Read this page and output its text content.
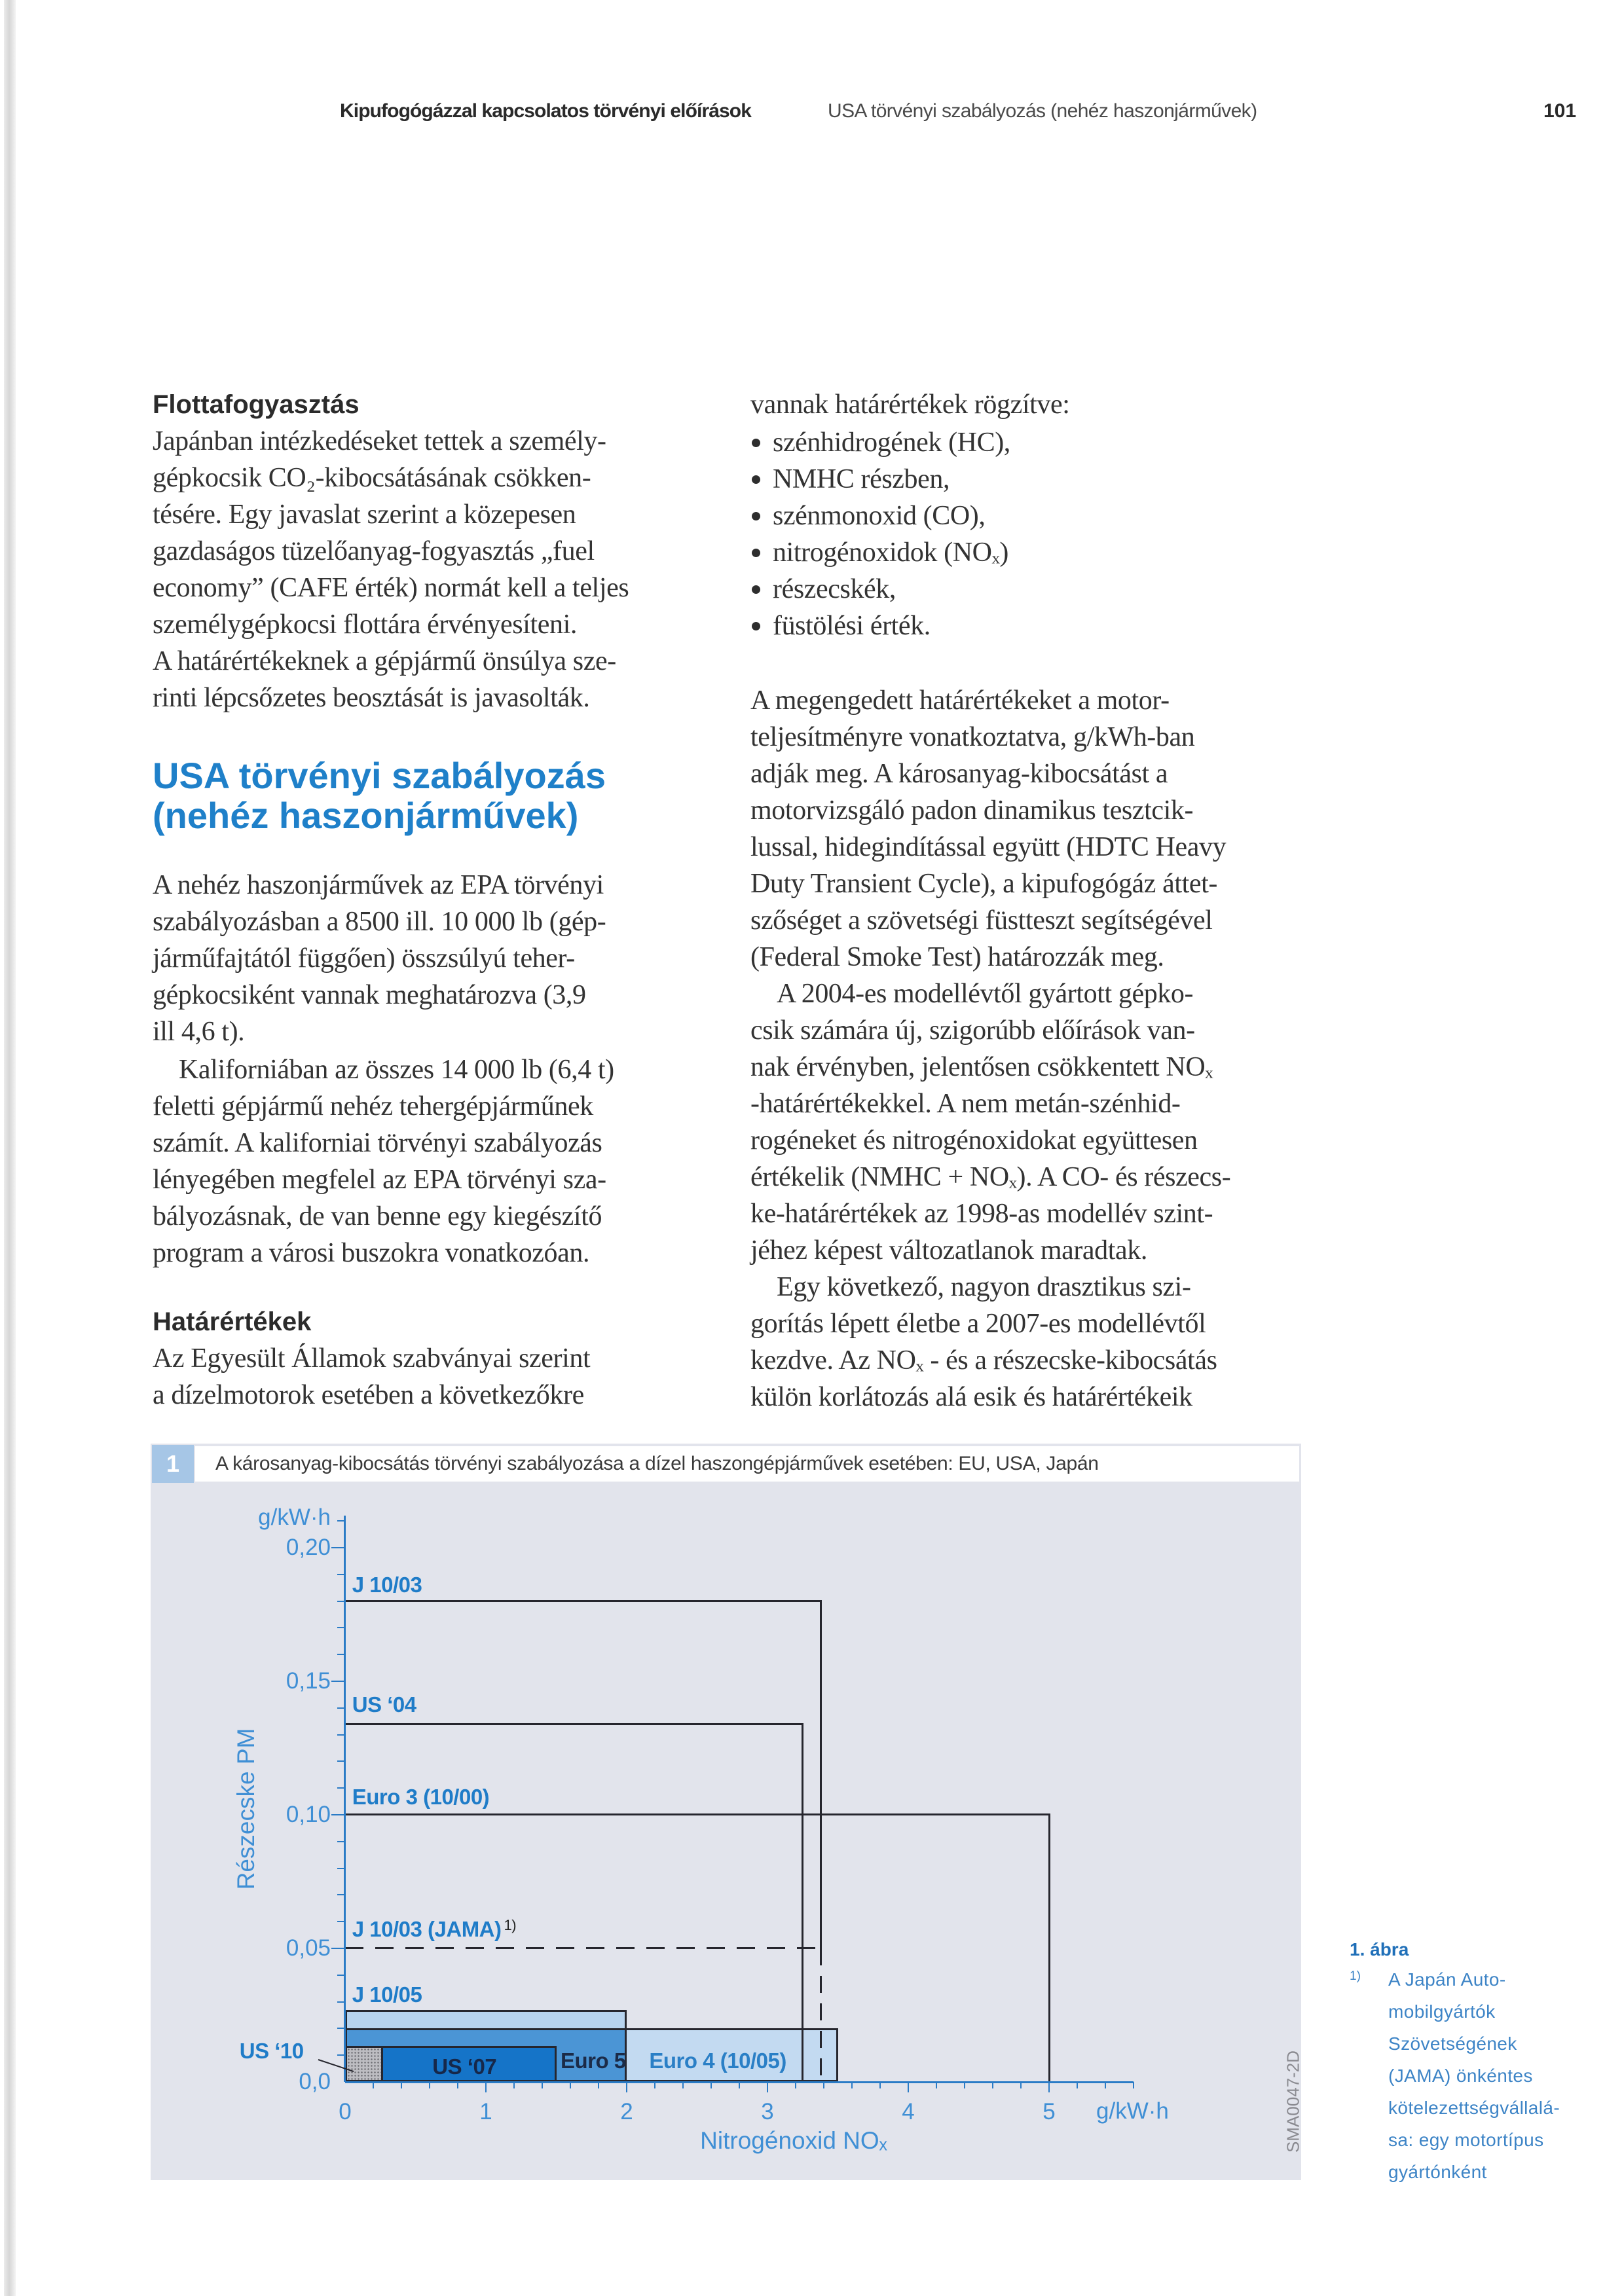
Kipufogógázzal kapcsolatos törvényi előírások	USA törvényi szabályozás (nehéz haszonjárművek)	101
Flottafogyasztás
Japánban intézkedéseket tettek a személy-
gépkocsik CO₂-kibocsátásának csökken-
tésére. Egy javaslat szerint a közepesen
gazdaságos tüzelőanyag-fogyasztás „fuel
economy” (CAFE érték) normát kell a teljes
személygépkocsi flottára érvényesíteni.
A határértékeknek a gépjármű önsúlya sze-
rinti lépcsőzetes beosztását is javasolták.
USA törvényi szabályozás
(nehéz haszonjárművek)
A nehéz haszonjárművek az EPA törvényi
szabályozásban a 8500 ill. 10 000 lb (gép-
járműfajtától függően) összsúlyú teher-
gépkocsiként vannak meghatározva (3,9
ill 4,6 t).
Kaliforniában az összes 14 000 lb (6,4 t)
feletti gépjármű nehéz tehergépjárműnek
számít. A kaliforniai törvényi szabályozás
lényegében megfelel az EPA törvényi sza-
bályozásnak, de van benne egy kiegészítő
program a városi buszokra vonatkozóan.
Határértékek
Az Egyesült Államok szabványai szerint
a dízelmotorok esetében a következőkre
vannak határértékek rögzítve:
szénhidrogének (HC),
NMHC részben,
szénmonoxid (CO),
nitrogénoxidok (NOₓ)
részecskék,
füstölési érték.
A megengedett határértékeket a motor-
teljesítményre vonatkoztatva, g/kWh-ban
adják meg. A károsanyag-kibocsátást a
motorvizsgáló padon dinamikus tesztcik-
lussal, hidegindítással együtt (HDTC Heavy
Duty Transient Cycle), a kipufogógáz áttet-
szőséget a szövetségi füstteszt segítségével
(Federal Smoke Test) határozzák meg.
A 2004-es modellévtől gyártott gépko-
csik számára új, szigorúbb előírások van-
nak érvényben, jelentősen csökkentett NOₓ
-határértékekkel. A nem metán-szénhid-
rogéneket és nitrogénoxidokat együttesen
értékelik (NMHC + NOₓ). A CO- és részecs-
ke-határértékek az 1998-as modellév szint-
jéhez képest változatlanok maradtak.
Egy következő, nagyon drasztikus szi-
gorítás lépett életbe a 2007-es modellévtől
kezdve. Az NOₓ - és a részecske-kibocsátás
külön korlátozás alá esik és határértékeik
1	A károsanyag-kibocsátás törvényi szabályozása a dízel haszongépjárművek esetében: EU, USA, Japán
g/kW·h
Részecske PM
Nitrogénoxid NOₓ
g/kW·h
0,0
0,05
0,10
0,15
0,20
0	1	2	3	4	5
J 10/03
US ‘04
Euro 3 (10/00)
J 10/03 (JAMA) $^{1)}$
J 10/05
Euro 4 (10/05)
Euro 5
US ‘07
US ‘10	SMA0047-2D
1. ábra
1) A Japán Auto-
mobilgyártók
Szövetségének
(JAMA) önkéntes
kötelezettségvállalá-
sa: egy motortípus
gyártónként
